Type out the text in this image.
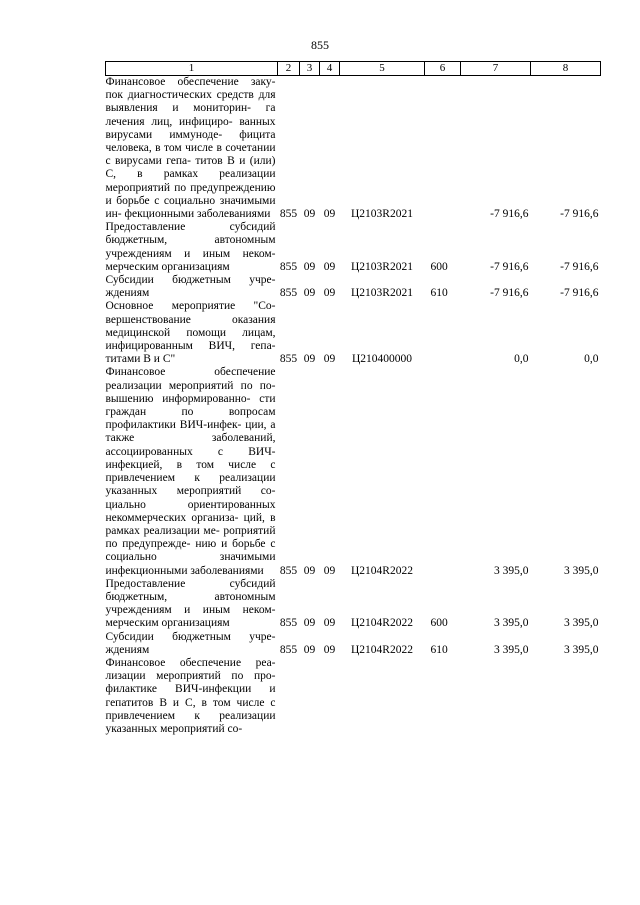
855
1	2	3	4	5	6	7	8
Финансовое обеспечение заку- пок диагностических средств для выявления и мониторин- га лечения лиц, инфициро- ванных вирусами иммуноде- фицита человека, в том числе в сочетании с вирусами гепа- титов B и (или) C, в рамках реализации мероприятий по предупреждению и борьбе с социально значимыми ин- фекционными заболеваниями	855	09	09	Ц2103R2021		-7 916,6	-7 916,6
Предоставление субсидий бюджетным, автономным учреждениям и иным неком- мерческим организациям	855	09	09	Ц2103R2021	600	-7 916,6	-7 916,6
Субсидии бюджетным учре- ждениям	855	09	09	Ц2103R2021	610	-7 916,6	-7 916,6
Основное мероприятие "Со- вершенствование оказания медицинской помощи лицам, инфицированным ВИЧ, гепа- титами B и C"	855	09	09	Ц210400000		0,0	0,0
Финансовое обеспечение реализации мероприятий по по- вышению информированно- сти граждан по вопросам профилактики ВИЧ-инфек- ции, а также заболеваний, ассоциированных с ВИЧ- инфекцией, в том числе с привлечением к реализации указанных мероприятий со- циально ориентированных некоммерческих организа- ций, в рамках реализации ме- роприятий по предупрежде- нию и борьбе с социально значимыми инфекционными заболеваниями	855	09	09	Ц2104R2022		3 395,0	3 395,0
Предоставление субсидий бюджетным, автономным учреждениям и иным неком- мерческим организациям	855	09	09	Ц2104R2022	600	3 395,0	3 395,0
Субсидии бюджетным учре- ждениям	855	09	09	Ц2104R2022	610	3 395,0	3 395,0
Финансовое обеспечение реа- лизации мероприятий по про- филактике ВИЧ-инфекции и гепатитов B и C, в том числе с привлечением к реализации указанных мероприятий со-							
